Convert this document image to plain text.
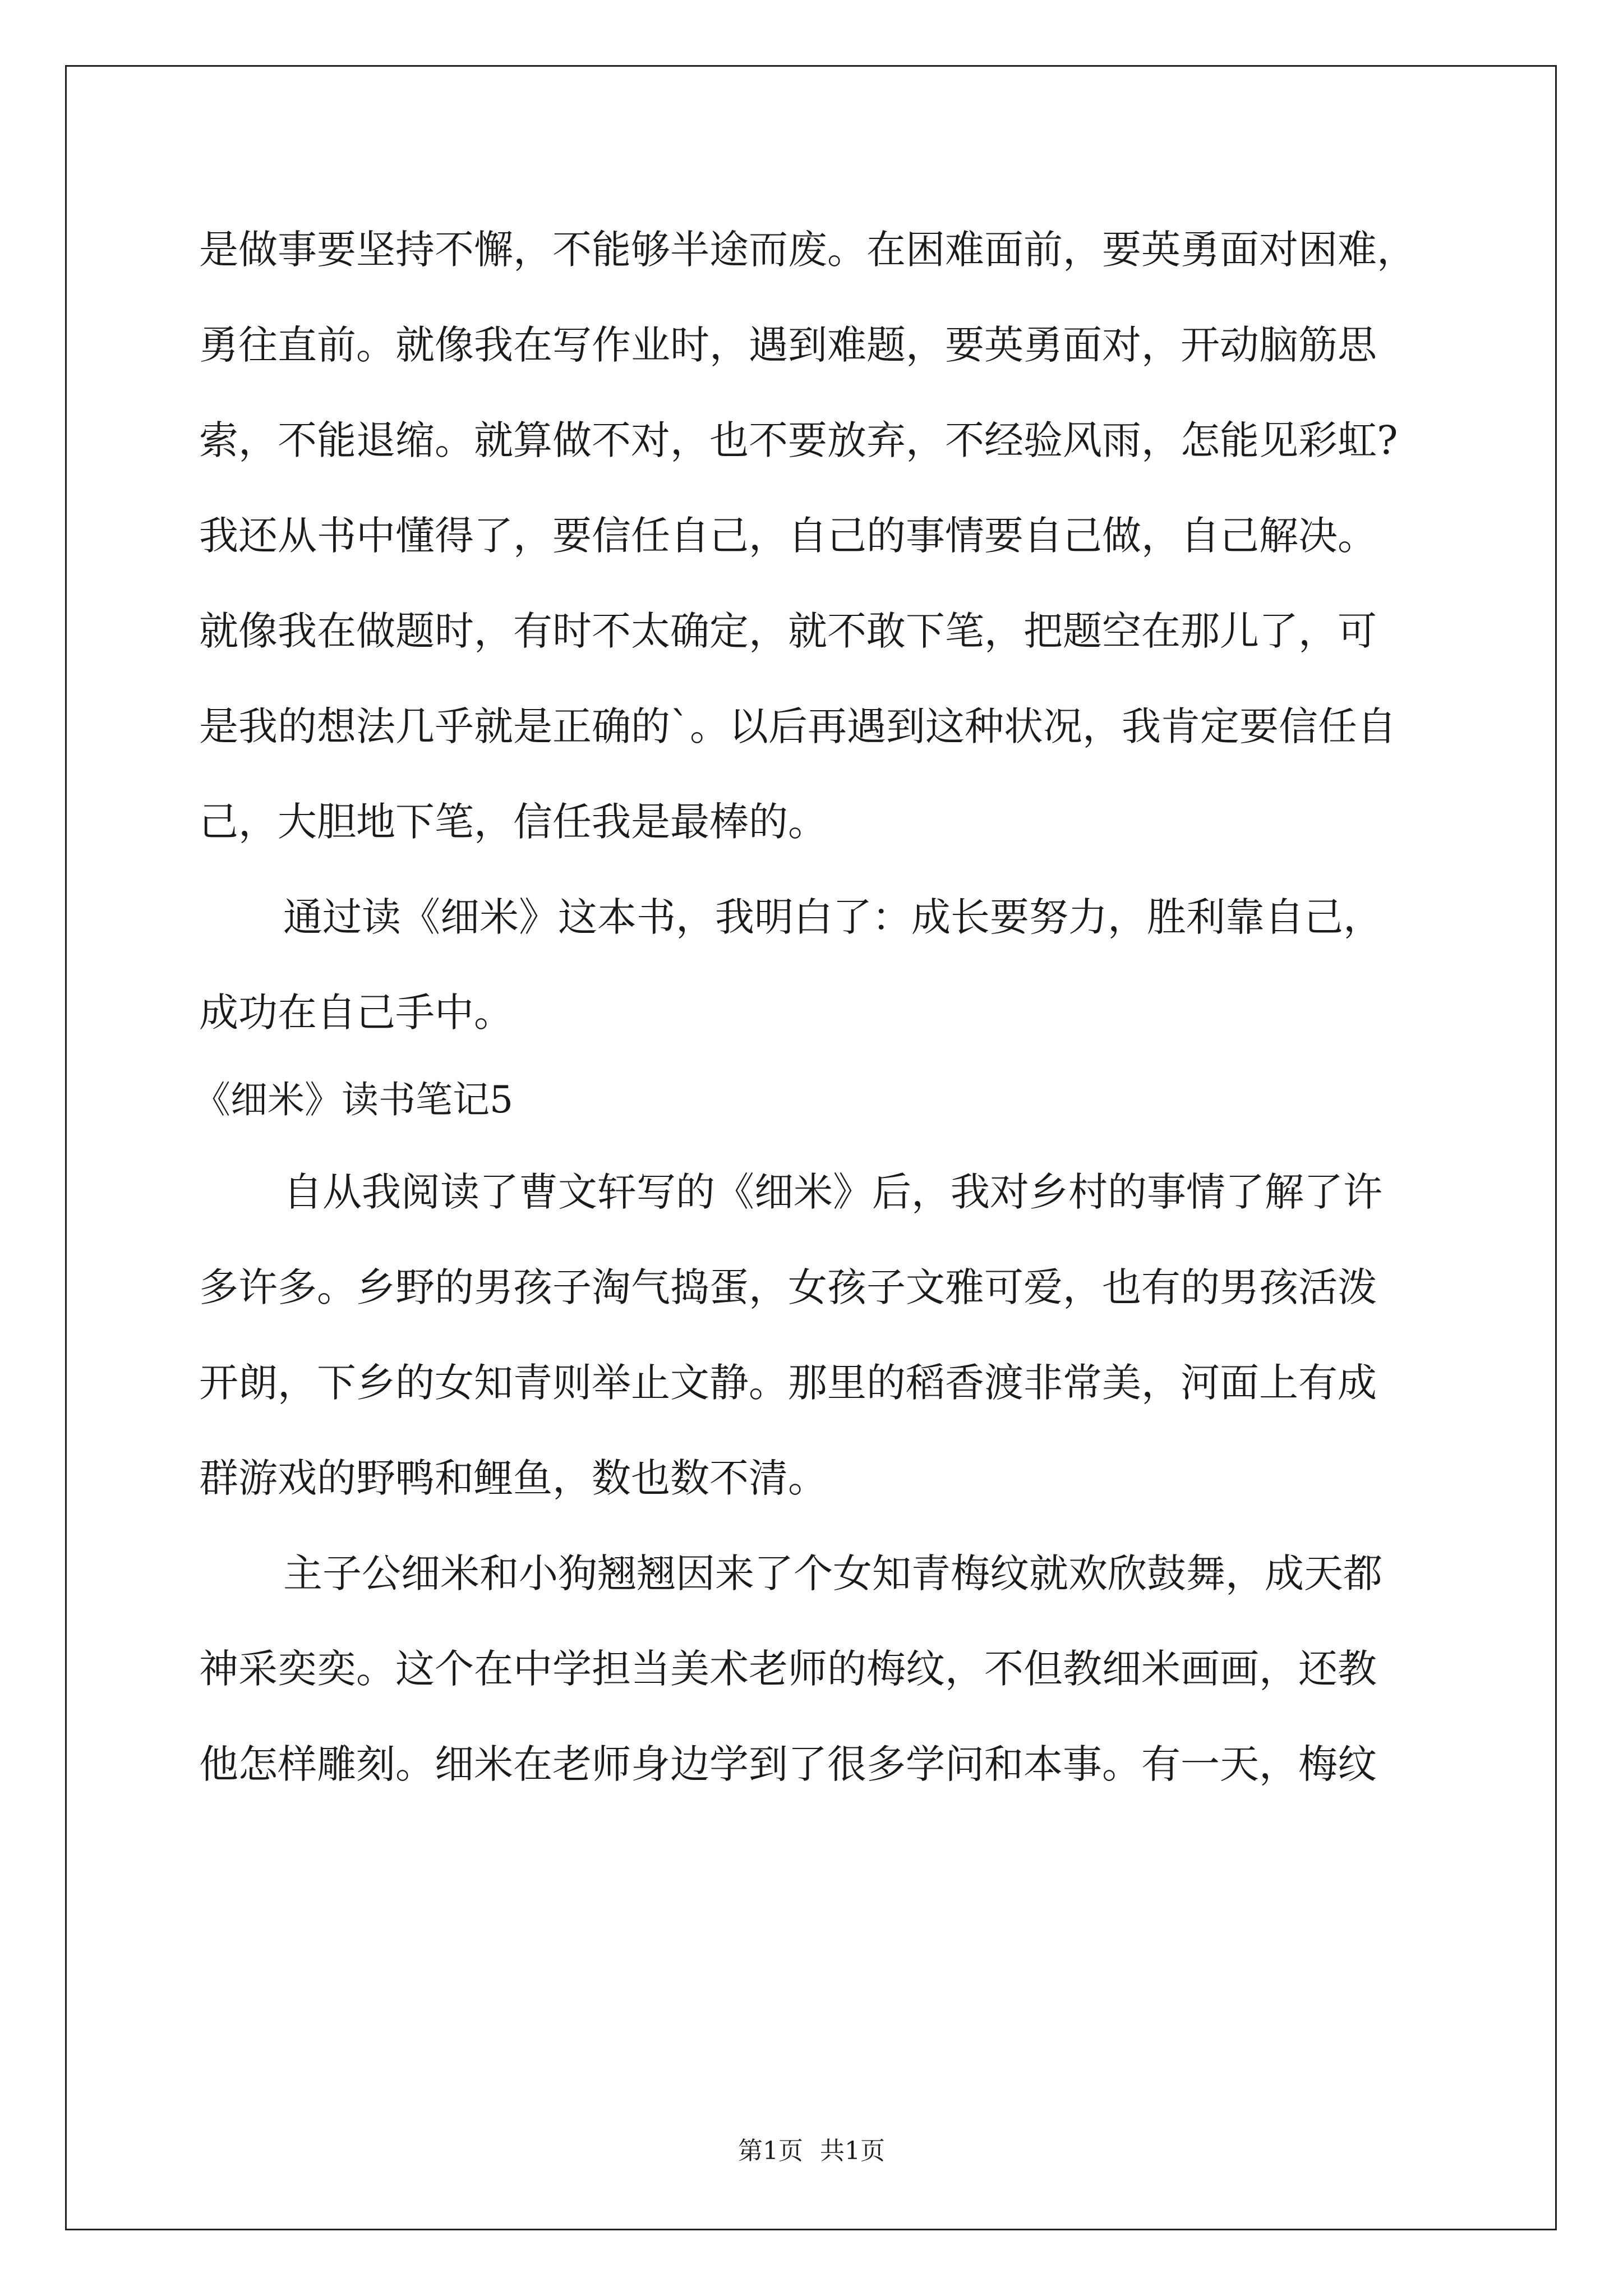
是做事要坚持不懈，不能够半途而废。在困难面前，要英勇面对困难，
勇往直前。就像我在写作业时，遇到难题，要英勇面对，开动脑筋思
索，不能退缩。就算做不对，也不要放弃，不经验风雨，怎能见彩虹?
我还从书中懂得了，要信任自己，自己的事情要自己做，自己解决。
就像我在做题时，有时不太确定，就不敢下笔，把题空在那儿了，可
是我的想法几乎就是正确的`。以后再遇到这种状况，我肯定要信任自
己，大胆地下笔，信任我是最棒的。
通过读《细米》这本书，我明白了：成长要努力，胜利靠自己，
成功在自己手中。
《细米》读书笔记5
自从我阅读了曹文轩写的《细米》后，我对乡村的事情了解了许
多许多。乡野的男孩子淘气捣蛋，女孩子文雅可爱，也有的男孩活泼
开朗，下乡的女知青则举止文静。那里的稻香渡非常美，河面上有成
群游戏的野鸭和鲤鱼，数也数不清。
主子公细米和小狗翘翘因来了个女知青梅纹就欢欣鼓舞，成天都
神采奕奕。这个在中学担当美术老师的梅纹，不但教细米画画，还教
他怎样雕刻。细米在老师身边学到了很多学问和本事。有一天，梅纹
第1页 共1页
